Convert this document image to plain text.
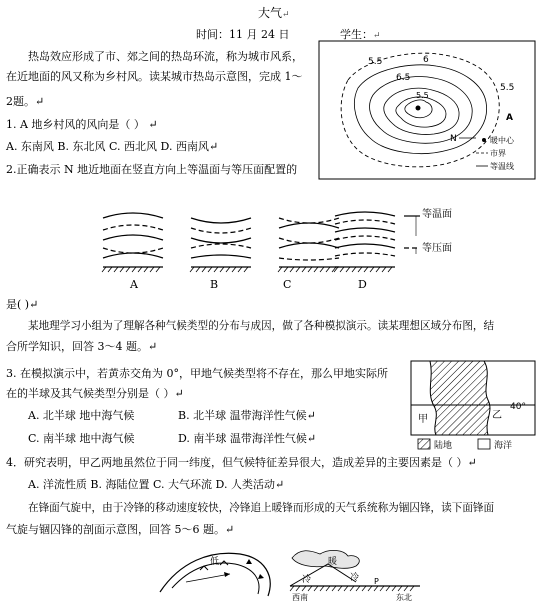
大气↵
时间：11 月 24 日	学生：↵
热岛效应形成了市、郊之间的热岛环流，称为城市风系，
在近地面的风又称为乡村风。读某城市热岛示意图，完成 1～
2题。↵
1. A 地乡村风的风向是（ ） ↵
A. 东南风 B. 东北风 C. 西北风 D. 西南风↵
2.正确表示 N 地近地面在竖直方向上等温面与等压面配置的
6
5.5
6.5
5.5
5.5
A
N	暖中心
市界
等温线
等温面
等压面
A	B	C	D
是( )↵
某地理学习小组为了理解各种气候类型的分布与成因，做了各种模拟演示。读某理想区域分布图，结
合所学知识，回答 3～4 题。↵
3. 在模拟演示中，若黄赤交角为 0°，甲地气候类型将不存在，那么甲地实际所
在的半球及其气候类型分别是（ ）↵
A. 北半球 地中海气候	B. 北半球 温带海洋性气候↵
C. 南半球 地中海气候	D. 南半球 温带海洋性气候↵
40°
甲	乙
陆地	海洋
4．研究表明，甲乙两地虽然位于同一纬度，但气候特征差异很大，造成差异的主要因素是（ ）↵
A. 洋流性质 B. 海陆位置 C. 大气环流 D. 人类活动↵
在锋面气旋中，由于冷锋的移动速度较快，冷锋追上暖锋而形成的天气系统称为锢囚锋，读下面锋面
气旋与锢囚锋的剖面示意图，回答 5～6 题。↵
低	暖
冷	冷 P
西南	东北
